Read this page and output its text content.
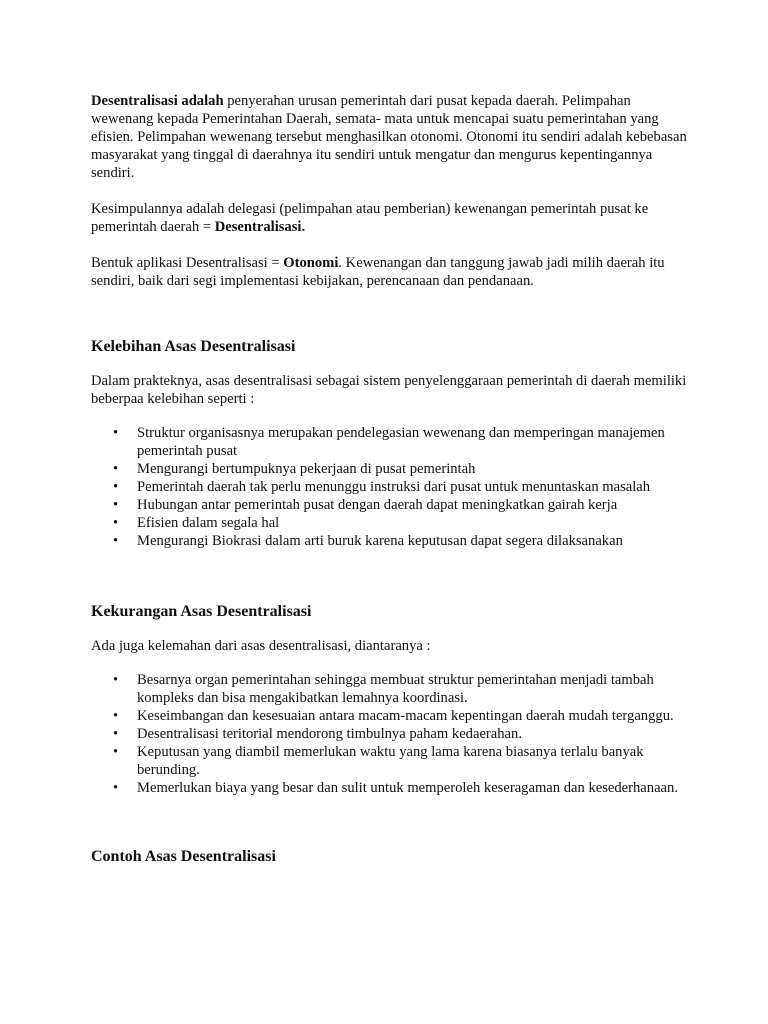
Desentralisasi adalah penyerahan urusan pemerintah dari pusat kepada daerah. Pelimpahan wewenang kepada Pemerintahan Daerah, semata- mata untuk mencapai suatu pemerintahan yang efisien. Pelimpahan wewenang tersebut menghasilkan otonomi. Otonomi itu sendiri adalah kebebasan masyarakat yang tinggal di daerahnya itu sendiri untuk mengatur dan mengurus kepentingannya sendiri.

Kesimpulannya adalah delegasi (pelimpahan atau pemberian) kewenangan pemerintah pusat ke pemerintah daerah = Desentralisasi.

Bentuk aplikasi Desentralisasi = Otonomi. Kewenangan dan tanggung jawab jadi milih daerah itu sendiri, baik dari segi implementasi kebijakan, perencanaan dan pendanaan.

Kelebihan Asas Desentralisasi

Dalam prakteknya, asas desentralisasi sebagai sistem penyelenggaraan pemerintah di daerah memiliki beberpaa kelebihan seperti :

• Struktur organisasnya merupakan pendelegasian wewenang dan memperingan manajemen pemerintah pusat
• Mengurangi bertumpuknya pekerjaan di pusat pemerintah
• Pemerintah daerah tak perlu menunggu instruksi dari pusat untuk menuntaskan masalah
• Hubungan antar pemerintah pusat dengan daerah dapat meningkatkan gairah kerja
• Efisien dalam segala hal
• Mengurangi Biokrasi dalam arti buruk karena keputusan dapat segera dilaksanakan
Kekurangan Asas Desentralisasi

Ada juga kelemahan dari asas desentralisasi, diantaranya :

• Besarnya organ pemerintahan sehingga membuat struktur pemerintahan menjadi tambah kompleks dan bisa mengakibatkan lemahnya koordinasi.
• Keseimbangan dan kesesuaian antara macam-macam kepentingan daerah mudah terganggu.
• Desentralisasi teritorial mendorong timbulnya paham kedaerahan.
• Keputusan yang diambil memerlukan waktu yang lama karena biasanya terlalu banyak berunding.
• Memerlukan biaya yang besar dan sulit untuk memperoleh keseragaman dan kesederhanaan.
Contoh Asas Desentralisasi
